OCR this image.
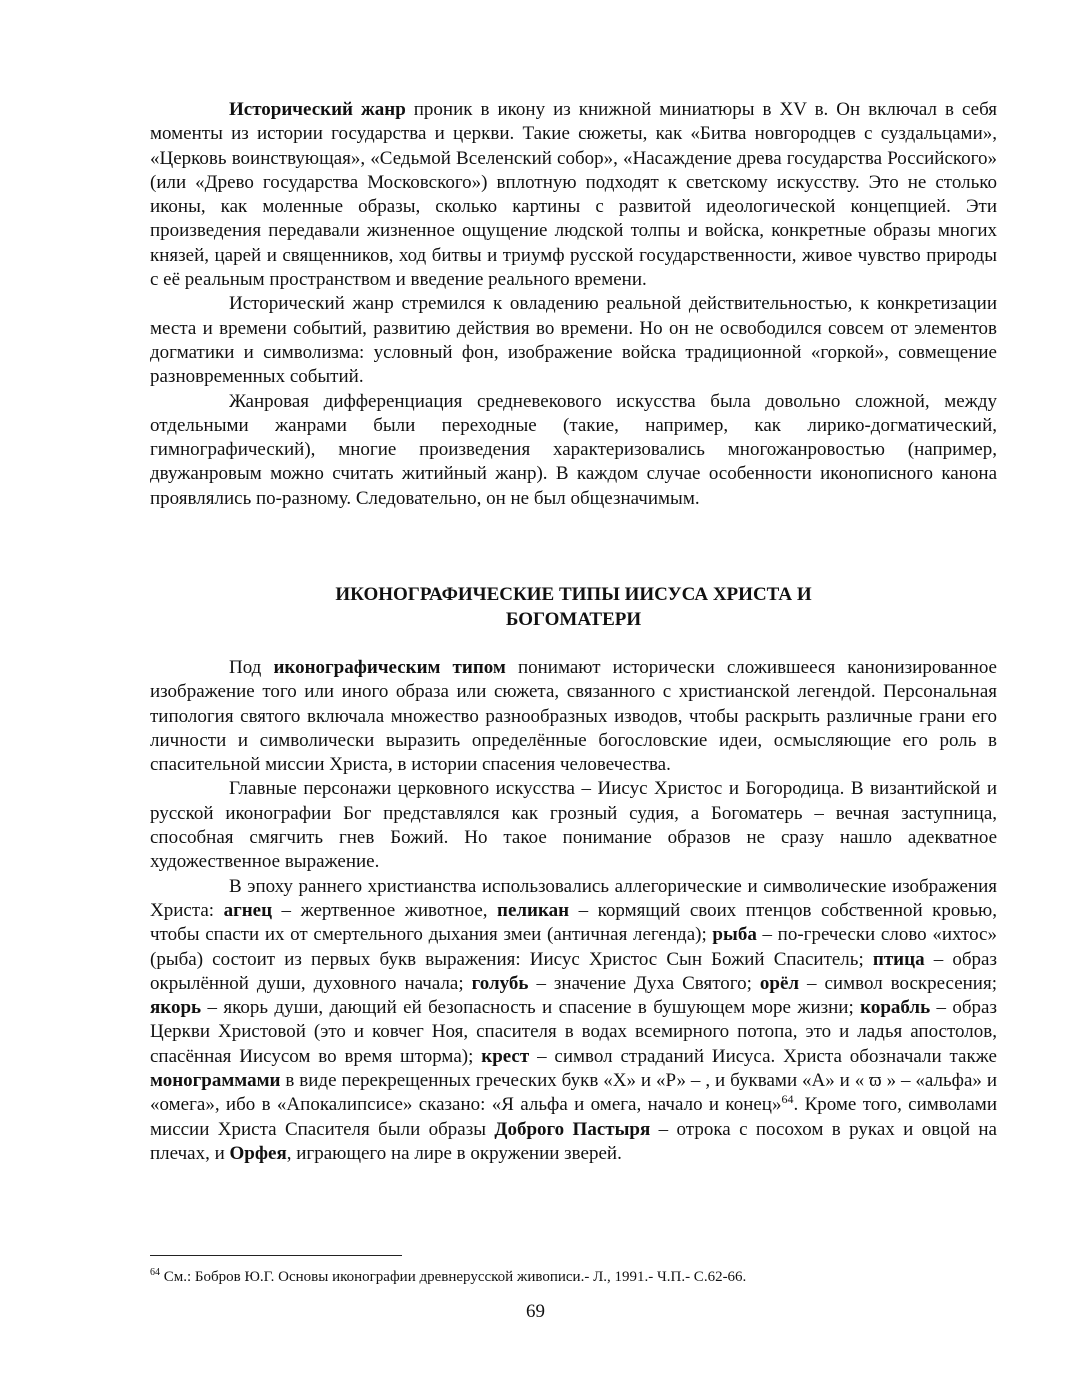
Исторический жанр проник в икону из книжной миниатюры в XV в. Он включал в себя моменты из истории государства и церкви. Такие сюжеты, как «Битва новгородцев с суздальцами», «Церковь воинствующая», «Седьмой Вселенский собор», «Насаждение древа государства Российского» (или «Древо государства Московского») вплотную подходят к светскому искусству. Это не столько иконы, как моленные образы, сколько картины с развитой идеологической концепцией. Эти произведения передавали жизненное ощущение людской толпы и войска, конкретные образы многих князей, царей и священников, ход битвы и триумф русской государственности, живое чувство природы с её реальным пространством и введение реального времени.

Исторический жанр стремился к овладению реальной действительностью, к конкретизации места и времени событий, развитию действия во времени. Но он не освободился совсем от элементов догматики и символизма: условный фон, изображение войска традиционной «горкой», совмещение разновременных событий.

Жанровая дифференциация средневекового искусства была довольно сложной, между отдельными жанрами были переходные (такие, например, как лирико-догматический, гимнографический), многие произведения характеризовались многожанровостью (например, двужанровым можно считать житийный жанр). В каждом случае особенности иконописного канона проявлялись по-разному. Следовательно, он не был общезначимым.

ИКОНОГРАФИЧЕСКИЕ ТИПЫ ИИСУСА ХРИСТА И
БОГОМАТЕРИ

Под иконографическим типом понимают исторически сложившееся канонизированное изображение того или иного образа или сюжета, связанного с христианской легендой. Персональная типология святого включала множество разнообразных изводов, чтобы раскрыть различные грани его личности и символически выразить определённые богословские идеи, осмысляющие его роль в спасительной миссии Христа, в истории спасения человечества.

Главные персонажи церковного искусства – Иисус Христос и Богородица. В византийской и русской иконографии Бог представлялся как грозный судия, а Богоматерь – вечная заступница, способная смягчить гнев Божий. Но такое понимание образов не сразу нашло адекватное художественное выражение.

В эпоху раннего христианства использовались аллегорические и символические изображения Христа: агнец – жертвенное животное, пеликан – кормящий своих птенцов собственной кровью, чтобы спасти их от смертельного дыхания змеи (античная легенда); рыба – по-гречески слово «ихтос» (рыба) состоит из первых букв выражения: Иисус Христос Сын Божий Спаситель; птица – образ окрылённой души, духовного начала; голубь – значение Духа Святого; орёл – символ воскресения; якорь – якорь души, дающий ей безопасность и спасение в бушующем море жизни; корабль – образ Церкви Христовой (это и ковчег Ноя, спасителя в водах всемирного потопа, это и ладья апостолов, спасённая Иисусом во время шторма); крест – символ страданий Иисуса. Христа обозначали также монограммами в виде перекрещенных греческих букв «Х» и «Р» – , и буквами «А» и « ϖ » – «альфа» и «омега», ибо в «Апокалипсисе» сказано: «Я альфа и омега, начало и конец»$^{64}$. Кроме того, символами миссии Христа Спасителя были образы Доброго Пастыря – отрока с посохом в руках и овцой на плечах, и Орфея, играющего на лире в окружении зверей.

$^{64}$ См.: Бобров Ю.Г. Основы иконографии древнерусской живописи.- Л., 1991.- Ч.П.- С.62-66.

69
